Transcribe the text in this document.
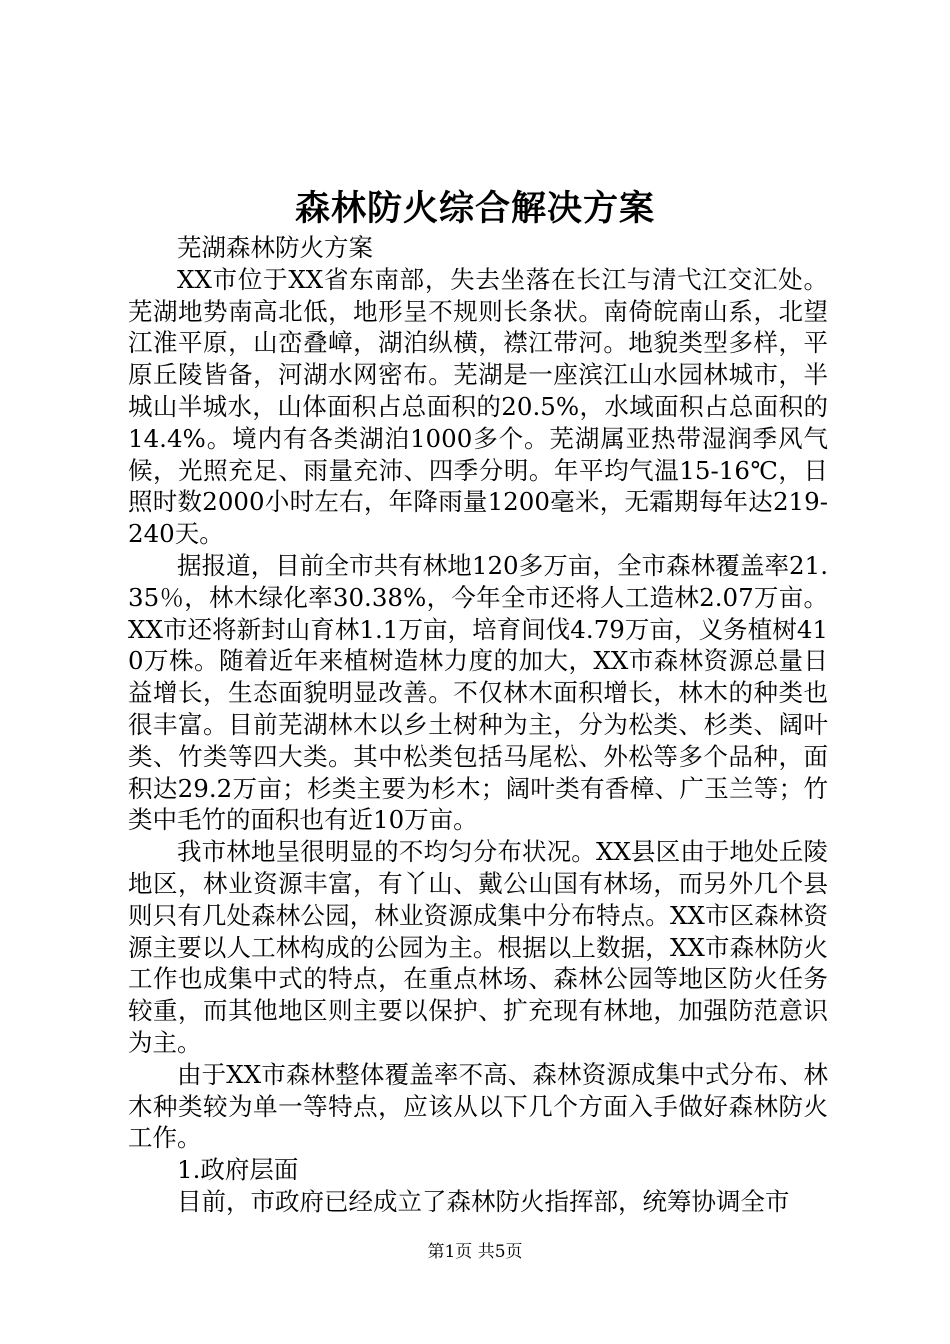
森林防火综合解决方案

芜湖森林防火方案

XX市位于XX省东南部，失去坐落在长江与清弋江交汇处。芜湖地势南高北低，地形呈不规则长条状。南倚皖南山系，北望江淮平原，山峦叠嶂，湖泊纵横，襟江带河。地貌类型多样，平原丘陵皆备，河湖水网密布。芜湖是一座滨江山水园林城市，半城山半城水，山体面积占总面积的20.5%，水域面积占总面积的14.4%。境内有各类湖泊1000多个。芜湖属亚热带湿润季风气候，光照充足、雨量充沛、四季分明。年平均气温15-16℃，日照时数2000小时左右，年降雨量1200毫米，无霜期每年达219-240天。

据报道，目前全市共有林地120多万亩，全市森林覆盖率21.35％，林木绿化率30.38%，今年全市还将人工造林2.07万亩。XX市还将新封山育林1.1万亩，培育间伐4.79万亩，义务植树410万株。随着近年来植树造林力度的加大，XX市森林资源总量日益增长，生态面貌明显改善。不仅林木面积增长，林木的种类也很丰富。目前芜湖林木以乡土树种为主，分为松类、杉类、阔叶类、竹类等四大类。其中松类包括马尾松、外松等多个品种，面积达29.2万亩；杉类主要为杉木；阔叶类有香樟、广玉兰等；竹类中毛竹的面积也有近10万亩。

我市林地呈很明显的不均匀分布状况。XX县区由于地处丘陵地区，林业资源丰富，有丫山、戴公山国有林场，而另外几个县则只有几处森林公园，林业资源成集中分布特点。XX市区森林资源主要以人工林构成的公园为主。根据以上数据，XX市森林防火工作也成集中式的特点，在重点林场、森林公园等地区防火任务较重，而其他地区则主要以保护、扩充现有林地，加强防范意识为主。

由于XX市森林整体覆盖率不高、森林资源成集中式分布、林木种类较为单一等特点，应该从以下几个方面入手做好森林防火工作。

1.政府层面

目前，市政府已经成立了森林防火指挥部，统筹协调全市

第1页 共5页
